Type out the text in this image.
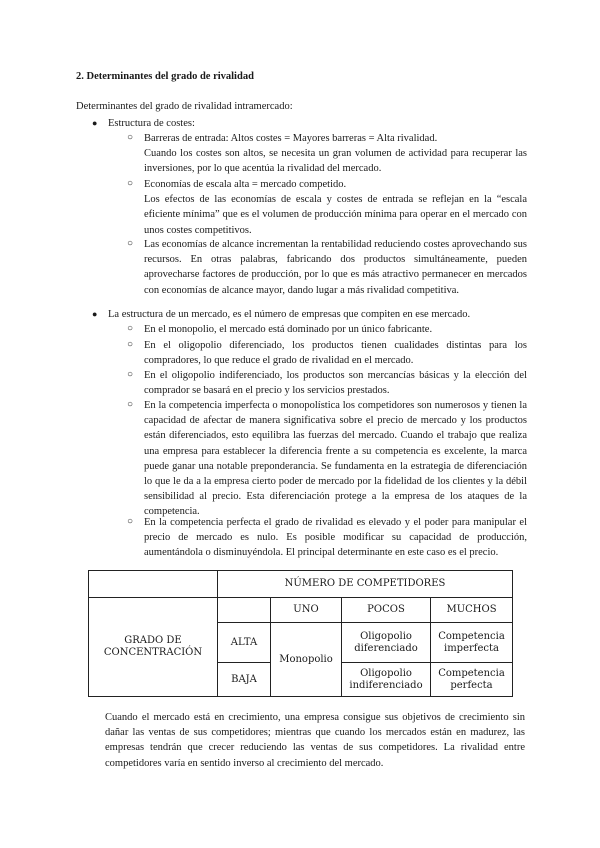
2. Determinantes del grado de rivalidad
Determinantes del grado de rivalidad intramercado:
● Estructura de costes:
○ Barreras de entrada: Altos costes = Mayores barreras = Alta rivalidad.

Cuando los costes son altos, se necesita un gran volumen de actividad para recuperar las inversiones, por lo que acentúa la rivalidad del mercado.

○ Economías de escala alta = mercado competido.

Los efectos de las economías de escala y costes de entrada se reflejan en la “escala eficiente mínima” que es el volumen de producción mínima para operar en el mercado con unos costes competitivos.

○ Las economías de alcance incrementan la rentabilidad reduciendo costes aprovechando sus recursos. En otras palabras, fabricando dos productos simultáneamente, pueden aprovecharse factores de producción, por lo que es más atractivo permanecer en mercados con economías de alcance mayor, dando lugar a más rivalidad competitiva.

● La estructura de un mercado, es el número de empresas que compiten en ese mercado.
○ En el monopolio, el mercado está dominado por un único fabricante.

○ En el oligopolio diferenciado, los productos tienen cualidades distintas para los compradores, lo que reduce el grado de rivalidad en el mercado.

○ En el oligopolio indiferenciado, los productos son mercancías básicas y la elección del comprador se basará en el precio y los servicios prestados.

○ En la competencia imperfecta o monopolística los competidores son numerosos y tienen la capacidad de afectar de manera significativa sobre el precio de mercado y los productos están diferenciados, esto equilibra las fuerzas del mercado. Cuando el trabajo que realiza una empresa para establecer la diferencia frente a su competencia es excelente, la marca puede ganar una notable preponderancia. Se fundamenta en la estrategia de diferenciación lo que le da a la empresa cierto poder de mercado por la fidelidad de los clientes y la débil sensibilidad al precio. Esta diferenciación protege a la empresa de los ataques de la competencia.

○ En la competencia perfecta el grado de rivalidad es elevado y el poder para manipular el precio de mercado es nulo. Es posible modificar su capacidad de producción, aumentándola o disminuyéndola. El principal determinante en este caso es el precio.

	NÚMERO DE COMPETIDORES			
GRADO DE CONCENTRACIÓN		UNO	POCOS	MUCHOS
	ALTA	Monopolio	Oligopolio diferenciado	Competencia imperfecta
	BAJA		Oligopolio indiferenciado	Competencia perfecta
Cuando el mercado está en crecimiento, una empresa consigue sus objetivos de crecimiento sin dañar las ventas de sus competidores; mientras que cuando los mercados están en madurez, las empresas tendrán que crecer reduciendo las ventas de sus competidores. La rivalidad entre competidores varía en sentido inverso al crecimiento del mercado.
